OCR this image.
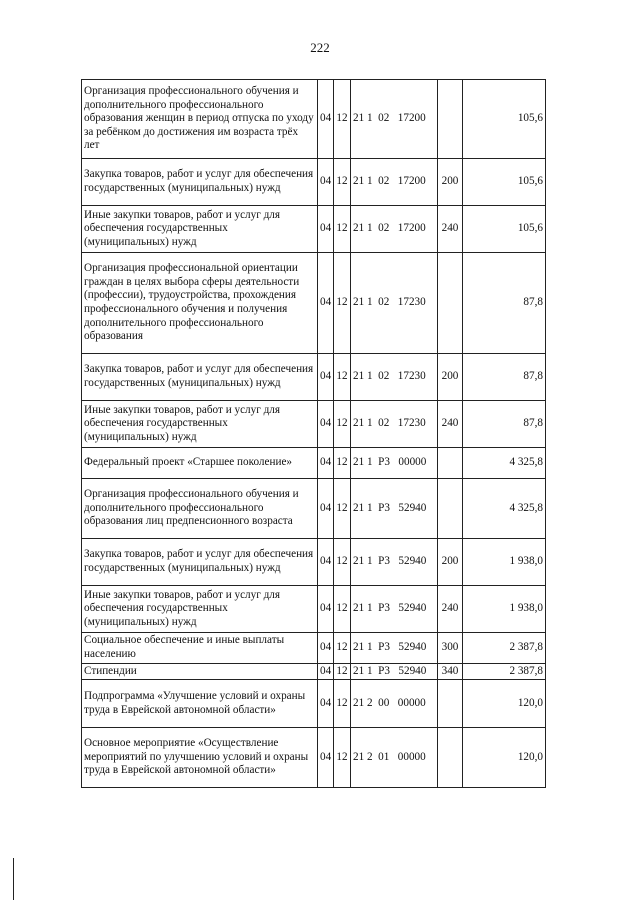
222
Организация профессионального обучения и дополнительного профессионального образования женщин в период отпуска по уходу за ребёнком до достижения им возраста трёх лет	04	12	21 1  02   17200		105,6
Закупка товаров, работ и услуг для обеспечения государственных (муниципальных) нужд	04	12	21 1  02   17200	200	105,6
Иные закупки товаров, работ и услуг для обеспечения государственных (муниципальных) нужд	04	12	21 1  02   17200	240	105,6
Организация профессиональной ориентации граждан в целях выбора сферы деятельности (профессии), трудоустройства, прохождения профессионального обучения и получения дополнительного профессионального образования	04	12	21 1  02   17230		87,8
Закупка товаров, работ и услуг для обеспечения государственных (муниципальных) нужд	04	12	21 1  02   17230	200	87,8
Иные закупки товаров, работ и услуг для обеспечения государственных (муниципальных) нужд	04	12	21 1  02   17230	240	87,8
Федеральный проект «Старшее поколение»	04	12	21 1  Р3   00000		4 325,8
Организация профессионального обучения и дополнительного профессионального образования лиц предпенсионного возраста	04	12	21 1  Р3   52940		4 325,8
Закупка товаров, работ и услуг для обеспечения государственных (муниципальных) нужд	04	12	21 1  Р3   52940	200	1 938,0
Иные закупки товаров, работ и услуг для обеспечения государственных (муниципальных) нужд	04	12	21 1  Р3   52940	240	1 938,0
Социальное обеспечение и иные выплаты населению	04	12	21 1  Р3   52940	300	2 387,8
Стипендии	04	12	21 1  Р3   52940	340	2 387,8
Подпрограмма «Улучшение условий и охраны труда в Еврейской автономной области»	04	12	21 2  00   00000		120,0
Основное мероприятие «Осуществление мероприятий по улучшению условий и охраны труда в Еврейской автономной области»	04	12	21 2  01   00000		120,0
